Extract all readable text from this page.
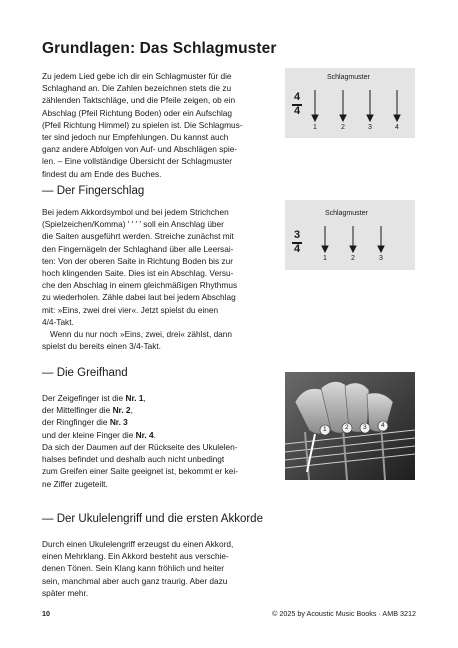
Grundlagen: Das Schlagmuster
Zu jedem Lied gebe ich dir ein Schlagmuster für die
Schlaghand an. Die Zahlen bezeichnen stets die zu
zählenden Taktschläge, und die Pfeile zeigen, ob ein
Abschlag (Pfeil Richtung Boden) oder ein Aufschlag
(Pfeil Richtung Himmel) zu spielen ist. Die Schlagmus-
ter sind jedoch nur Empfehlungen. Du kannst auch
ganz andere Abfolgen von Auf- und Abschlägen spie-
len. – Eine vollständige Übersicht der Schlagmuster
findest du am Ende des Buches.
Schlagmuster
4
4
1	2	3	4
— Der Fingerschlag
Bei jedem Akkordsymbol und bei jedem Strichchen
(Spielzeichen/Komma) ′ ′ ′ ′ soll ein Anschlag über
die Saiten ausgeführt werden. Streiche zunächst mit
den Fingernägeln der Schlaghand über alle Leersai-
ten: Von der oberen Saite in Richtung Boden bis zur
hoch klingenden Saite. Dies ist ein Abschlag. Versu-
che den Abschlag in einem gleichmäßigen Rhythmus
zu wiederholen. Zähle dabei laut bei jedem Abschlag
mit: »Eins, zwei drei vier«. Jetzt spielst du einen
4/4-Takt.
Wenn du nur noch »Eins, zwei, drei« zählst, dann
spielst du bereits einen 3/4-Takt.
Schlagmuster
3
4
1	2	3
— Die Greifhand
Der Zeigefinger ist die Nr. 1,
der Mittelfinger die Nr. 2,
der Ringfinger die Nr. 3
und der kleine Finger die Nr. 4.
Da sich der Daumen auf der Rückseite des Ukulelen-
halses befindet und deshalb auch nicht unbedingt
zum Greifen einer Saite geeignet ist, bekommt er kei-
ne Ziffer zugeteilt.
1	2 3 4
— Der Ukulelengriff und die ersten Akkorde
Durch einen Ukulelengriff erzeugst du einen Akkord,
einen Mehrklang. Ein Akkord besteht aus verschie-
denen Tönen. Sein Klang kann fröhlich und heiter
sein, manchmal aber auch ganz traurig. Aber dazu
später mehr.
10	© 2025 by Acoustic Music Books · AMB 3212
